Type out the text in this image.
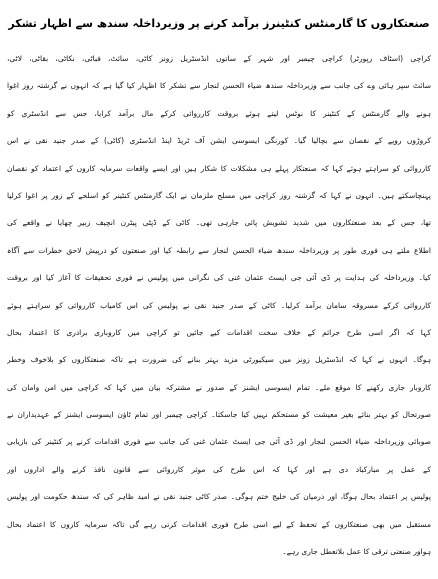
صنعتکاروں کا گارمنٹس کنٹینرز برآمد کرنے پر وزیرداخلہ سندھ سے اظہار تشکر
کراچی (اسٹاف رپورٹر) کراچی چیمبر اور شہر کے ساتوں انڈسٹریل زونز کاٹی، سائٹ، فباٹی، نکاٹی، بقاٹی، لاٹی،
سائٹ سپر ہائی وے کی جانب سے وزیرداخلہ سندھ ضیاء الحسن لنجار سے تشکر کا اظہار کیا گیا ہے کہ انہوں نے گزشتہ روز اغوا
ہونے والے گارمنٹس کے کنٹینر کا نوٹس لیتے ہوئے بروقت کارروائی کرکے مال برآمد کرایا، جس سے انڈسٹری کو
کروڑوں روپے کے نقصان سے بچالیا گیا۔ کورنگی ایسوسی ایشن آف ٹریڈ اینڈ انڈسٹری (کاٹی) کے صدر جنید نقی نے اس
کارروائی کو سراہتے ہوئے کہا کہ صنعتکار پہلے ہی مشکلات کا شکار ہیں اور ایسے واقعات سرمایہ کاروں کے اعتماد کو نقصان
پہنچاسکتے ہیں۔ انہوں نے کہا کہ گزشتہ روز کراچی میں مسلح ملزمان نے ایک گارمنٹس کنٹینر کو اسلحے کے زور پر اغوا کرلیا
تھا، جس کے بعد صنعتکاروں میں شدید تشویش پائی جارہی تھی۔ کاٹی کے ڈپٹی پیٹرن انچیف زبیر چھایا نے واقعے کی
اطلاع ملتے ہی فوری طور پر وزیرداخلہ سندھ ضیاء الحسن لنجار سے رابطہ کیا اور صنعتوں کو درپیش لاحق خطرات سے آگاہ
کیا۔ وزیرداخلہ کی ہدایت پر ڈی آئی جی ایسٹ عثمان غنی کی نگرانی میں پولیس نے فوری تحقیقات کا آغاز کیا اور بروقت
کارروائی کرکے مسروقہ سامان برآمد کرلیا۔ کاٹی کے صدر جنید نقی نے پولیس کی اس کامیاب کارروائی کو سراہتے ہوئے
کہا کہ اگر اسی طرح جرائم کے خلاف سخت اقدامات کیے جائیں تو کراچی میں کاروباری برادری کا اعتماد بحال
ہوگا۔ انہوں نے کہا کہ انڈسٹریل زونز میں سیکیورٹی مزید بہتر بنانے کی ضرورت ہے تاکہ صنعتکاروں کو بلاخوف وخطر
کاروبار جاری رکھنے کا موقع ملے۔ تمام ایسوسی ایشنز کے صدور نے مشترکہ بیان میں کہا کہ کراچی میں امن وامان کی
صورتحال کو بہتر بنائے بغیر معیشت کو مستحکم نہیں کیا جاسکتا۔ کراچی چیمبر اور تمام ٹاؤن ایسوسی ایشنز کے عہدیداران نے
صوبائی وزیرداخلہ ضیاء الحسن لنجار اور ڈی آئی جی ایسٹ عثمان غنی کی جانب سے فوری اقدامات کرنے پر کنٹینر کی بازیابی
کے عمل پر مبارکباد دی ہے اور کہا کہ اس طرح کی موثر کارروائی سے قانون نافذ کرنے والے اداروں اور
پولیس پر اعتماد بحال ہوگا، اور درمیان کی خلیج ختم ہوگی۔ صدر کاٹی جنید نقی نے امید ظاہر کی کہ سندھ حکومت اور پولیس
مستقبل میں بھی صنعتکاروں کے تحفظ کے لیے اسی طرح فوری اقدامات کرتی رہے گی تاکہ سرمایہ کاروں کا اعتماد بحال
ہواور صنعتی ترقی کا عمل بلاتعطل جاری رہے۔
